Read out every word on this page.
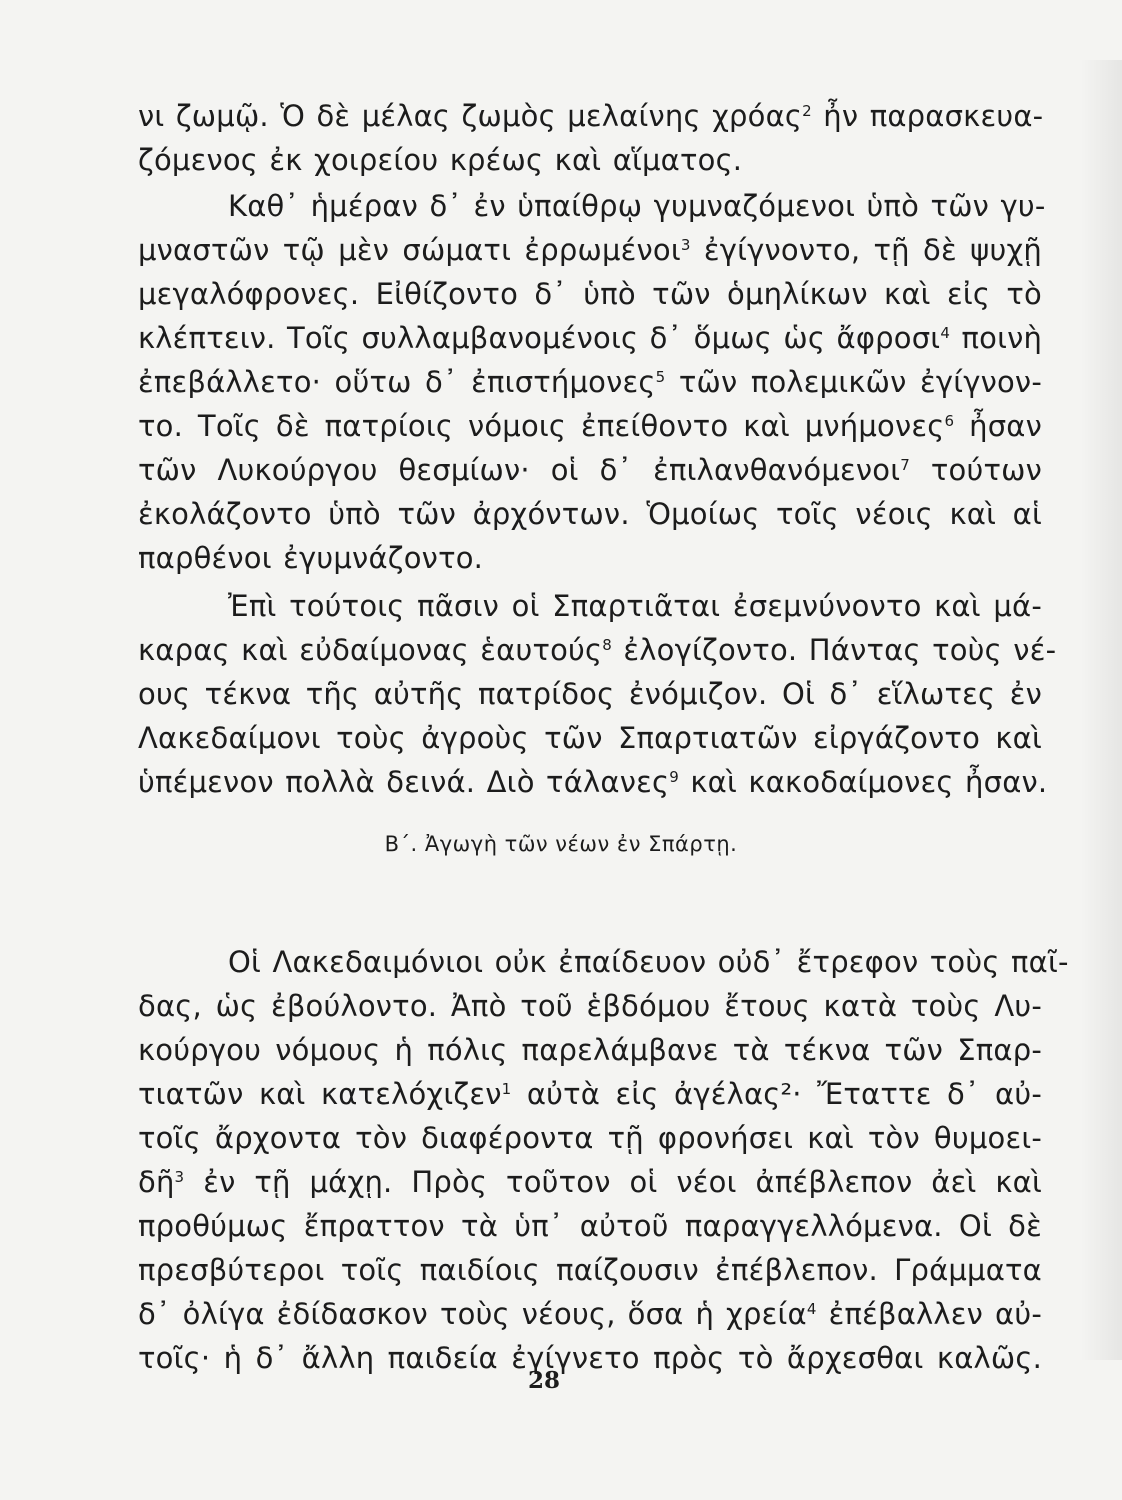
νι ζωμῷ. Ὁ δὲ μέλας ζωμὸς μελαίνης χρόας$^2$ ἦν παρασκευα-

ζόμενος ἐκ χοιρείου κρέως καὶ αἵματος.

Καθ᾽ ἡμέραν δ᾽ ἐν ὑπαίθρῳ γυμναζόμενοι ὑπὸ τῶν γυ-

μναστῶν τῷ μὲν σώματι ἐρρωμένοι$^3$ ἐγίγνοντο, τῇ δὲ ψυχῇ

μεγαλόφρονες. Εἰθίζοντο δ᾽ ὑπὸ τῶν ὁμηλίκων καὶ εἰς τὸ

κλέπτειν. Τοῖς συλλαμβανομένοις δ᾽ ὅμως ὡς ἄφροσι$^4$ ποινὴ

ἐπεβάλλετο· οὕτω δ᾽ ἐπιστήμονες$^5$ τῶν πολεμικῶν ἐγίγνον-

το. Τοῖς δὲ πατρίοις νόμοις ἐπείθοντο καὶ μνήμονες$^6$ ἦσαν

τῶν Λυκούργου θεσμίων· οἱ δ᾽ ἐπιλανθανόμενοι$^7$ τούτων

ἐκολάζοντο ὑπὸ τῶν ἀρχόντων. Ὁμοίως τοῖς νέοις καὶ αἱ

παρθένοι ἐγυμνάζοντο.

Ἐπὶ τούτοις πᾶσιν οἱ Σπαρτιᾶται ἐσεμνύνοντο καὶ μά-

καρας καὶ εὐδαίμονας ἑαυτούς$^8$ ἐλογίζοντο. Πάντας τοὺς νέ-

ους τέκνα τῆς αὐτῆς πατρίδος ἐνόμιζον. Οἱ δ᾽ εἵλωτες ἐν

Λακεδαίμονι τοὺς ἀγροὺς τῶν Σπαρτιατῶν εἰργάζοντο καὶ

ὑπέμενον πολλὰ δεινά. Διὸ τάλανες$^9$ καὶ κακοδαίμονες ἦσαν.

Β΄. Ἀγωγὴ τῶν νέων ἐν Σπάρτῃ.

Οἱ Λακεδαιμόνιοι οὐκ ἐπαίδευον οὐδ᾽ ἔτρεφον τοὺς παῖ-

δας, ὡς ἐβούλοντο. Ἀπὸ τοῦ ἑβδόμου ἔτους κατὰ τοὺς Λυ-

κούργου νόμους ἡ πόλις παρελάμβανε τὰ τέκνα τῶν Σπαρ-

τιατῶν καὶ κατελόχιζεν$^1$ αὐτὰ εἰς ἀγέλας²· Ἔταττε δ᾽ αὐ-

τοῖς ἄρχοντα τὸν διαφέροντα τῇ φρονήσει καὶ τὸν θυμοει-

δῆ$^3$ ἐν τῇ μάχῃ. Πρὸς τοῦτον οἱ νέοι ἀπέβλεπον ἀεὶ καὶ

προθύμως ἔπραττον τὰ ὑπ᾽ αὐτοῦ παραγγελλόμενα. Οἱ δὲ

πρεσβύτεροι τοῖς παιδίοις παίζουσιν ἐπέβλεπον. Γράμματα

δ᾽ ὀλίγα ἐδίδασκον τοὺς νέους, ὅσα ἡ χρεία$^4$ ἐπέβαλλεν αὐ-

τοῖς· ἡ δ᾽ ἄλλη παιδεία ἐγίγνετο πρὸς τὸ ἄρχεσθαι καλῶς.

28
